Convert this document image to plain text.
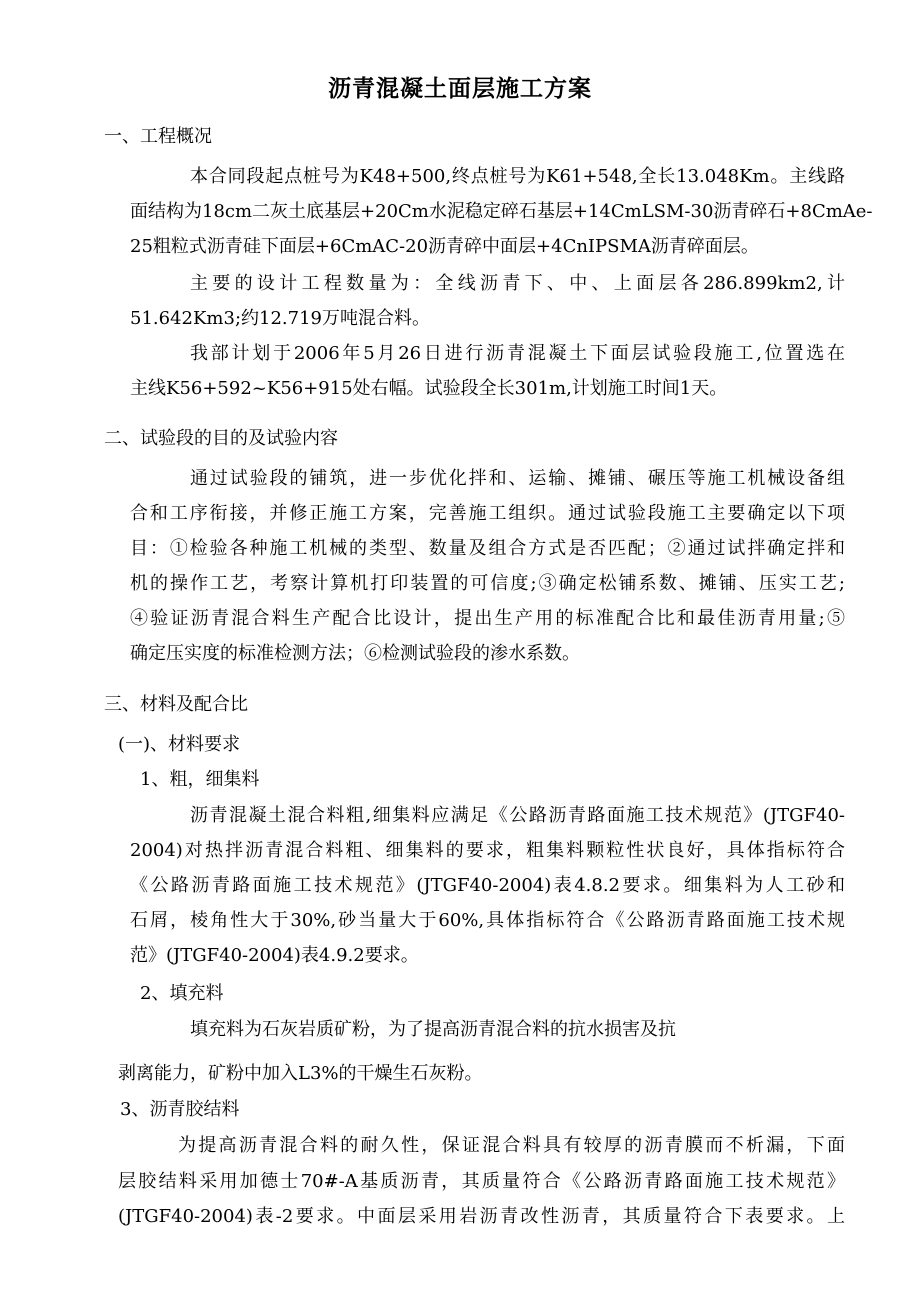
沥青混凝土面层施工方案
一、工程概况
本合同段起点桩号为K48+500,终点桩号为K61+548,全长13.048Km。主线路
面结构为18cm二灰土底基层+20Cm水泥稳定碎石基层+14CmLSM-30沥青碎石+8CmAe-
25粗粒式沥青硅下面层+6CmAC-20沥青碎中面层+4CnIPSMA沥青碎面层。
主要的设计工程数量为：全线沥青下、中、上面层各286.899km2,计
51.642Km3;约12.719万吨混合料。
我部计划于2006年5月26日进行沥青混凝土下面层试验段施工,位置选在
主线K56+592~K56+915处右幅。试验段全长301m,计划施工时间1天。
二、试验段的目的及试验内容
通过试验段的铺筑，进一步优化拌和、运输、摊铺、碾压等施工机械设备组
合和工序衔接，并修正施工方案，完善施工组织。通过试验段施工主要确定以下项
目：①检验各种施工机械的类型、数量及组合方式是否匹配；②通过试拌确定拌和
机的操作工艺，考察计算机打印装置的可信度;③确定松铺系数、摊铺、压实工艺;
④验证沥青混合料生产配合比设计，提出生产用的标准配合比和最佳沥青用量;⑤
确定压实度的标准检测方法；⑥检测试验段的渗水系数。
三、材料及配合比
(一)、材料要求
1、粗，细集料
沥青混凝土混合料粗,细集料应满足《公路沥青路面施工技术规范》(JTGF40-
2004)对热拌沥青混合料粗、细集料的要求，粗集料颗粒性状良好，具体指标符合
《公路沥青路面施工技术规范》(JTGF40-2004)表4.8.2要求。细集料为人工砂和
石屑，棱角性大于30%,砂当量大于60%,具体指标符合《公路沥青路面施工技术规
范》(JTGF40-2004)表4.9.2要求。
2、填充料
填充料为石灰岩质矿粉，为了提高沥青混合料的抗水损害及抗
剥离能力，矿粉中加入L3%的干燥生石灰粉。
3、沥青胶结料
为提高沥青混合料的耐久性，保证混合料具有较厚的沥青膜而不析漏，下面
层胶结料采用加德士70#-A基质沥青，其质量符合《公路沥青路面施工技术规范》
(JTGF40-2004)表-2要求。中面层采用岩沥青改性沥青，其质量符合下表要求。上
